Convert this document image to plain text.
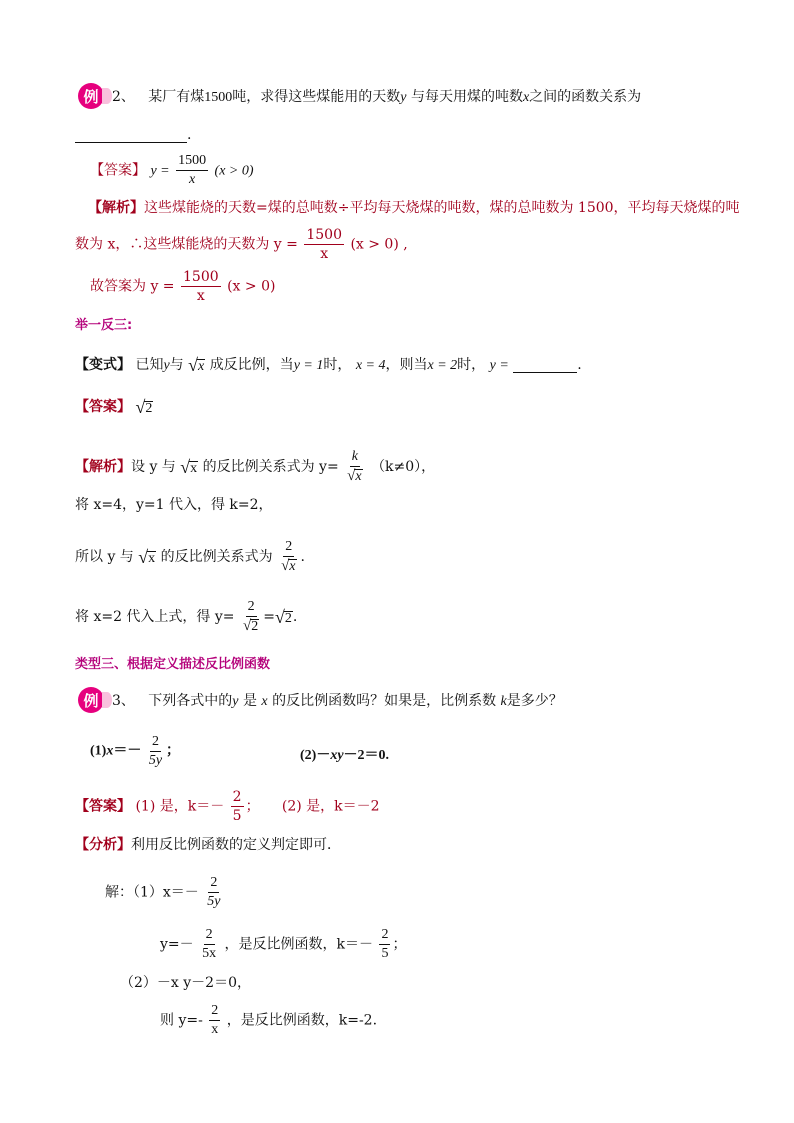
例 2、 某厂有煤1500吨，求得这些煤能用的天数y 与每天用煤的吨数x之间的函数关系为
.
【答案】 $y = \frac{1500}{x} (x > 0)$
【解析】这些煤能烧的天数=煤的总吨数÷平均每天烧煤的吨数，煤的总吨数为 1500，平均每天烧煤的吨
数为 x，∴这些煤能烧的天数为 $y = \frac{1500}{x} (x > 0)$ ,
故答案为 $y = \frac{1500}{x} (x > 0)$
举一反三:
【变式】 已知y与 √ x 成反比例，当y = 1时， x = 4，则当x = 2时， y =	.
【答案】 √ 2
【解析】设 y 与 √ x 的反比例关系式为 $y= \frac{k}{√ x} (k\ne 0)$，
将 x=4，y=1 代入，得 k=2，
所以 y 与 √ x 的反比例关系式为 $\frac{2}{√ x}$ .
将 x=2 代入上式，得 $y= \frac{2}{√ 2}$ = √ 2 .
类型三、根据定义描述反比例函数
例 3、 下列各式中的y 是 x 的反比例函数吗？如果是，比例系数 k是多少？
$(1)x=- \frac{2}{5y}$ ；	(2)－xy－2＝0.
【答案】 (1) 是，$k=- \frac{2}{5}$ ； (2) 是，k＝－2
【分析】利用反比例函数的定义判定即可．
解：$(1)x=- \frac{2}{5y}$
$y=- \frac{2}{5x}$ ，是反比例函数，$k=- \frac{2}{5}$ ；
（2）－x y－2＝0，
则 $y=- \frac{2}{x}$ ，是反比例函数，k=-2.
